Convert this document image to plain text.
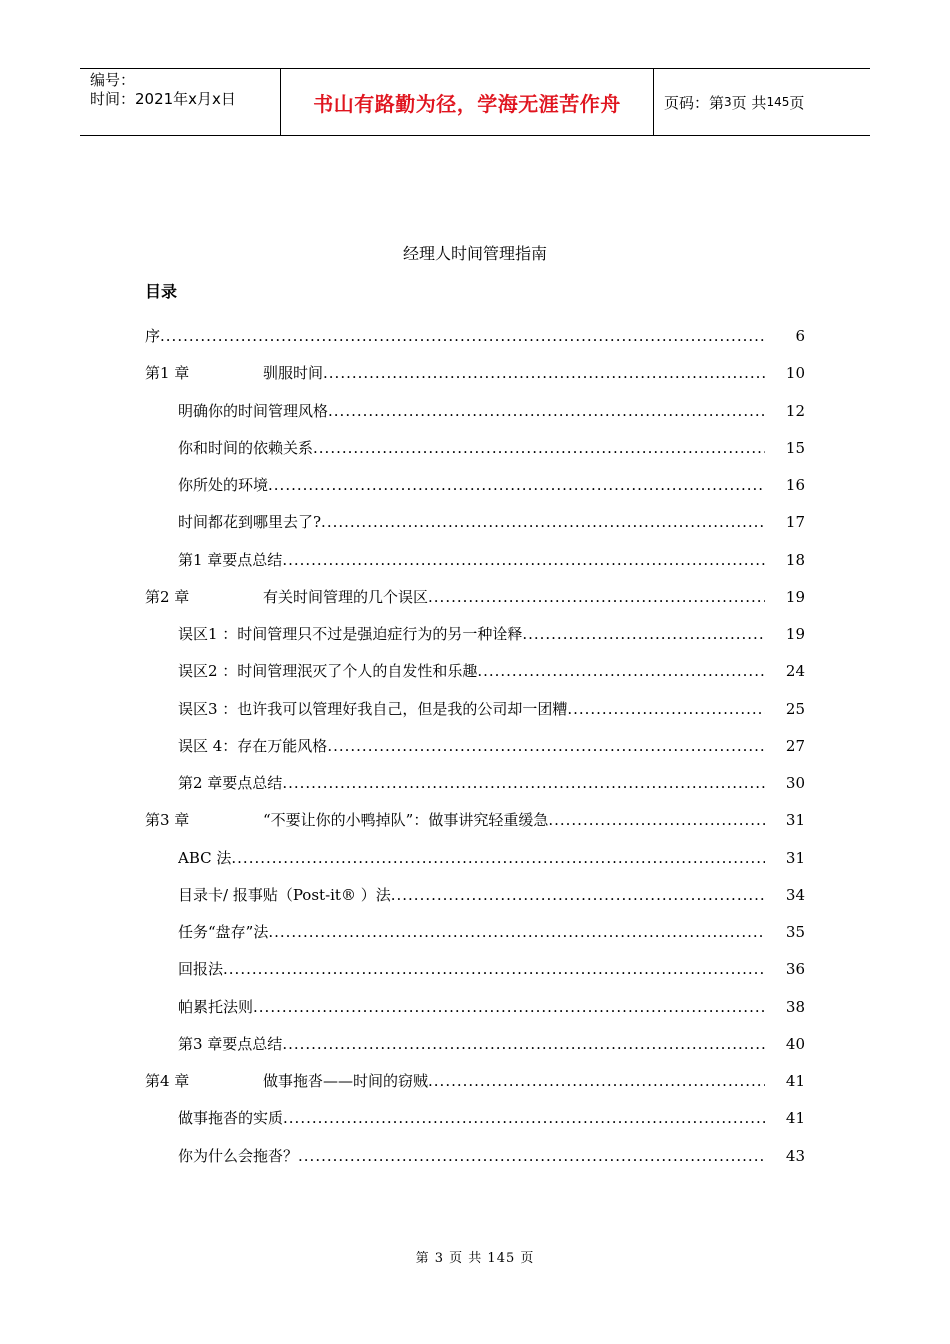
编号：
时间：2021年x月x日	书山有路勤为径，学海无涯苦作舟	页码：第 3 页 共 145 页
经理人时间管理指南
目录
序 .....	6
第1 章	驯服时间 .....	10
明确你的时间管理风格 .....	12
你和时间的依赖关系 .....	15
你所处的环境 .....	16
时间都花到哪里去了? .....	17
第1 章要点总结 .....	18
第2 章	有关时间管理的几个误区 .....	19
误区1 ：时间管理只不过是强迫症行为的另一种诠释 .....	19
误区2 ：时间管理泯灭了个人的自发性和乐趣 .....	24
误区3 ：也许我可以管理好我自己，但是我的公司却一团糟 .....	25
误区 4：存在万能风格 .....	27
第2 章要点总结 .....	30
第3 章	“不要让你的小鸭掉队”：做事讲究轻重缓急 .....	31
ABC 法 .....	31
目录卡/ 报事贴（Post-it® ）法 .....	34
任务“盘存”法 .....	35
回报法 .....	36
帕累托法则 .....	38
第3 章要点总结 .....	40
第4 章	做事拖沓——时间的窃贼 .....	41
做事拖沓的实质 .....	41
你为什么会拖沓？ .....	43
第 3 页 共 145 页
